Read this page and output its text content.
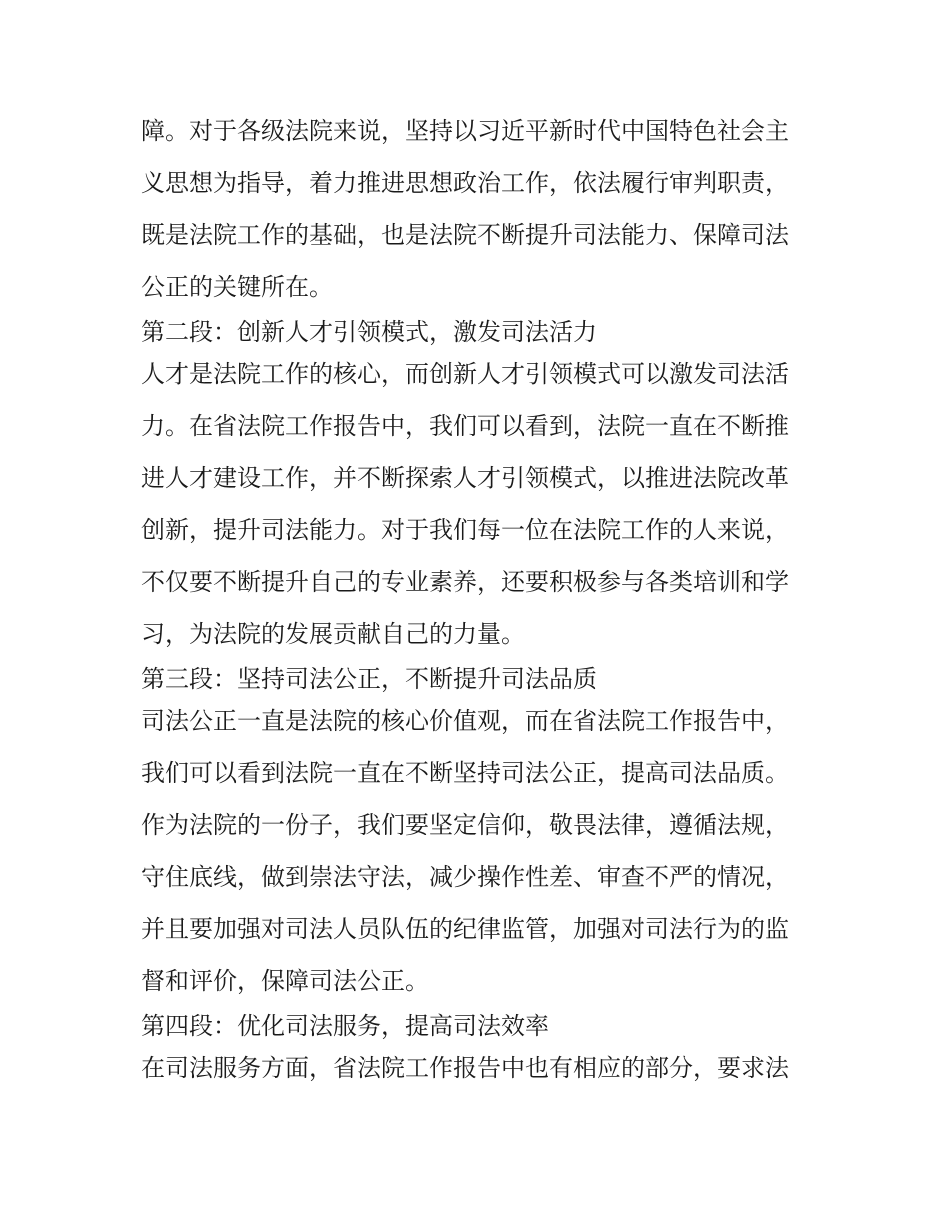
障。对于各级法院来说，坚持以习近平新时代中国特色社会主
义思想为指导，着力推进思想政治工作，依法履行审判职责，
既是法院工作的基础，也是法院不断提升司法能力、保障司法
公正的关键所在。
第二段：创新人才引领模式，激发司法活力
人才是法院工作的核心，而创新人才引领模式可以激发司法活
力。在省法院工作报告中，我们可以看到，法院一直在不断推
进人才建设工作，并不断探索人才引领模式，以推进法院改革
创新，提升司法能力。对于我们每一位在法院工作的人来说，
不仅要不断提升自己的专业素养，还要积极参与各类培训和学
习，为法院的发展贡献自己的力量。
第三段：坚持司法公正，不断提升司法品质
司法公正一直是法院的核心价值观，而在省法院工作报告中，
我们可以看到法院一直在不断坚持司法公正，提高司法品质。
作为法院的一份子，我们要坚定信仰，敬畏法律，遵循法规，
守住底线，做到崇法守法，减少操作性差、审查不严的情况，
并且要加强对司法人员队伍的纪律监管，加强对司法行为的监
督和评价，保障司法公正。
第四段：优化司法服务，提高司法效率
在司法服务方面，省法院工作报告中也有相应的部分，要求法
